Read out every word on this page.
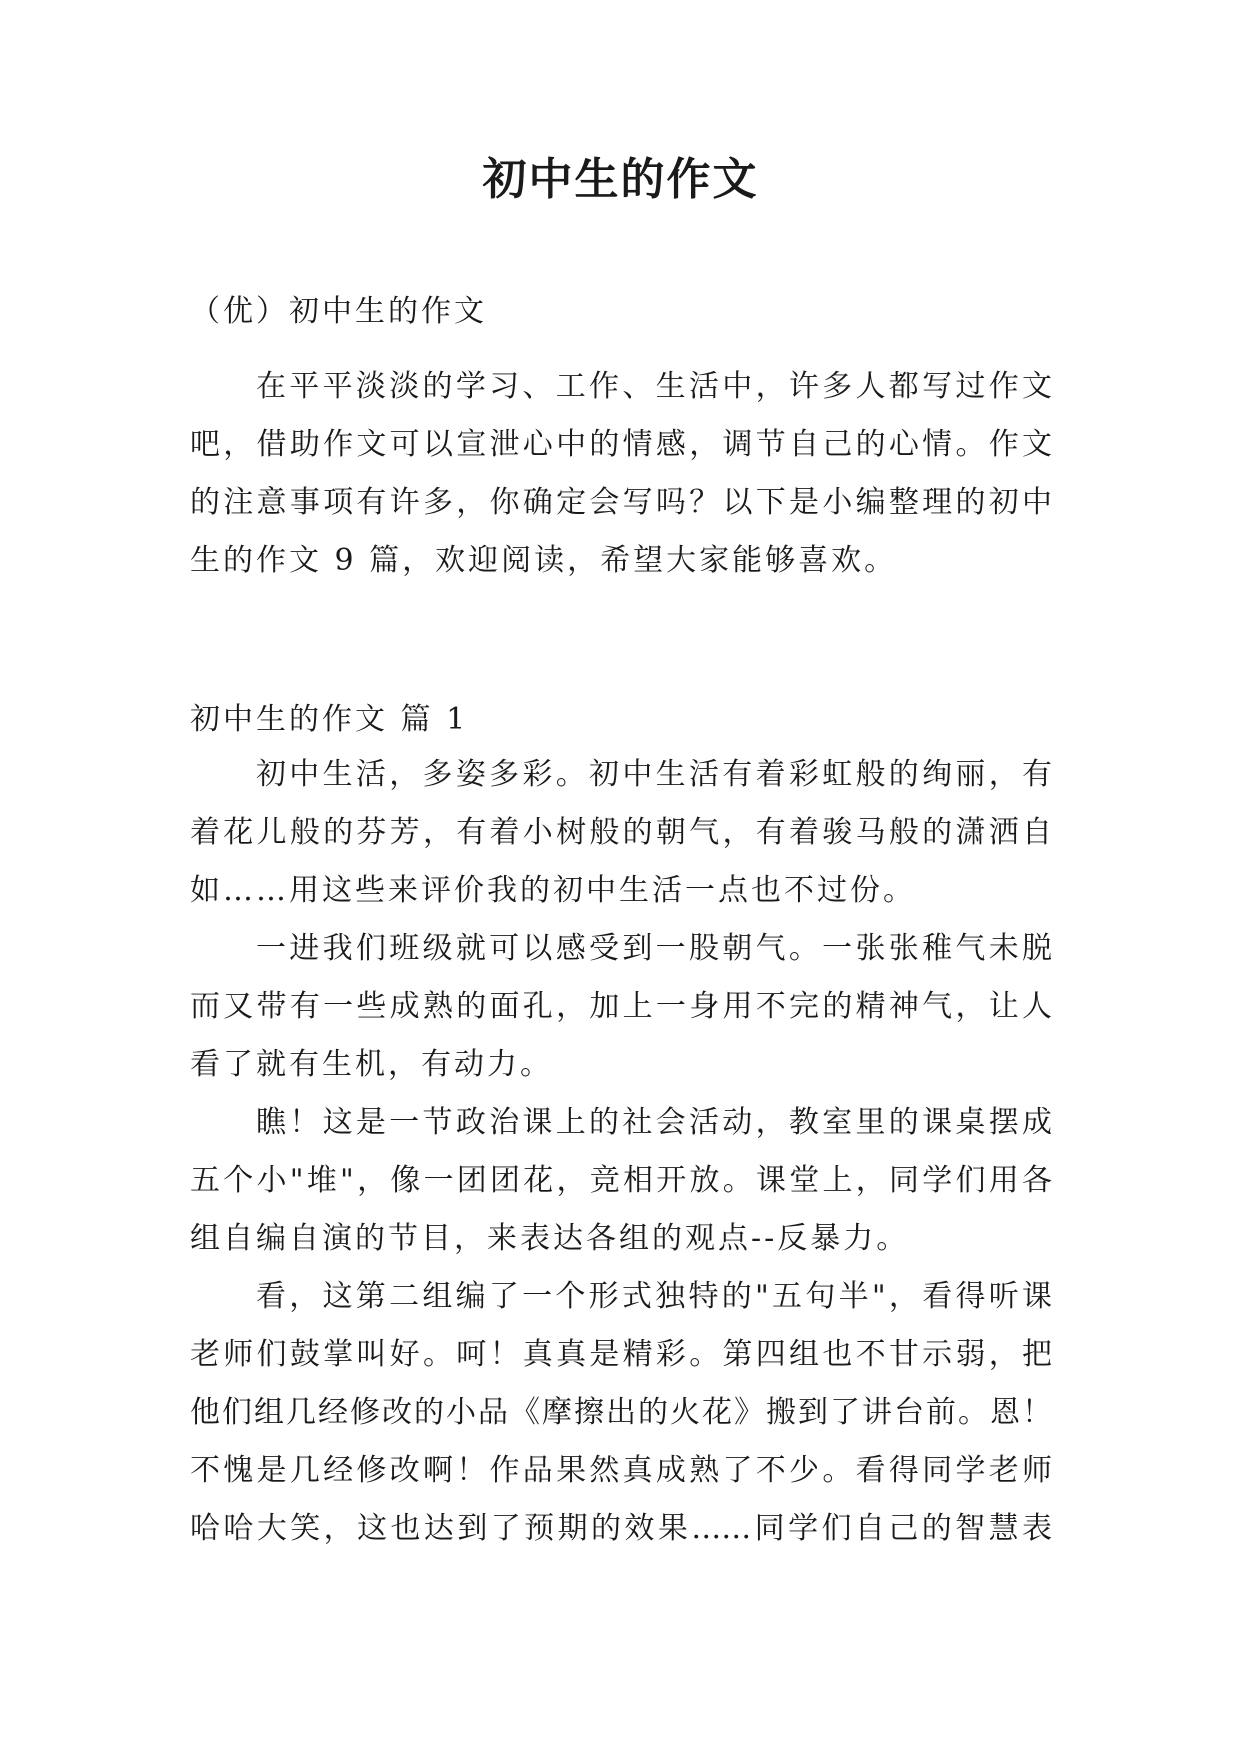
初中生的作文
（优）初中生的作文
在平平淡淡的学习、工作、生活中，许多人都写过作文
吧，借助作文可以宣泄心中的情感，调节自己的心情。作文
的注意事项有许多，你确定会写吗？以下是小编整理的初中
生的作文 9 篇，欢迎阅读，希望大家能够喜欢。
初中生的作文 篇 1
初中生活，多姿多彩。初中生活有着彩虹般的绚丽，有
着花儿般的芬芳，有着小树般的朝气，有着骏马般的潇洒自
如……用这些来评价我的初中生活一点也不过份。
一进我们班级就可以感受到一股朝气。一张张稚气未脱
而又带有一些成熟的面孔，加上一身用不完的精神气，让人
看了就有生机，有动力。
瞧！这是一节政治课上的社会活动，教室里的课桌摆成
五个小"堆"，像一团团花，竞相开放。课堂上，同学们用各
组自编自演的节目，来表达各组的观点--反暴力。
看，这第二组编了一个形式独特的"五句半"，看得听课
老师们鼓掌叫好。呵！真真是精彩。第四组也不甘示弱，把
他们组几经修改的小品《摩擦出的火花》搬到了讲台前。恩！
不愧是几经修改啊！作品果然真成熟了不少。看得同学老师
哈哈大笑，这也达到了预期的效果……同学们自己的智慧表
